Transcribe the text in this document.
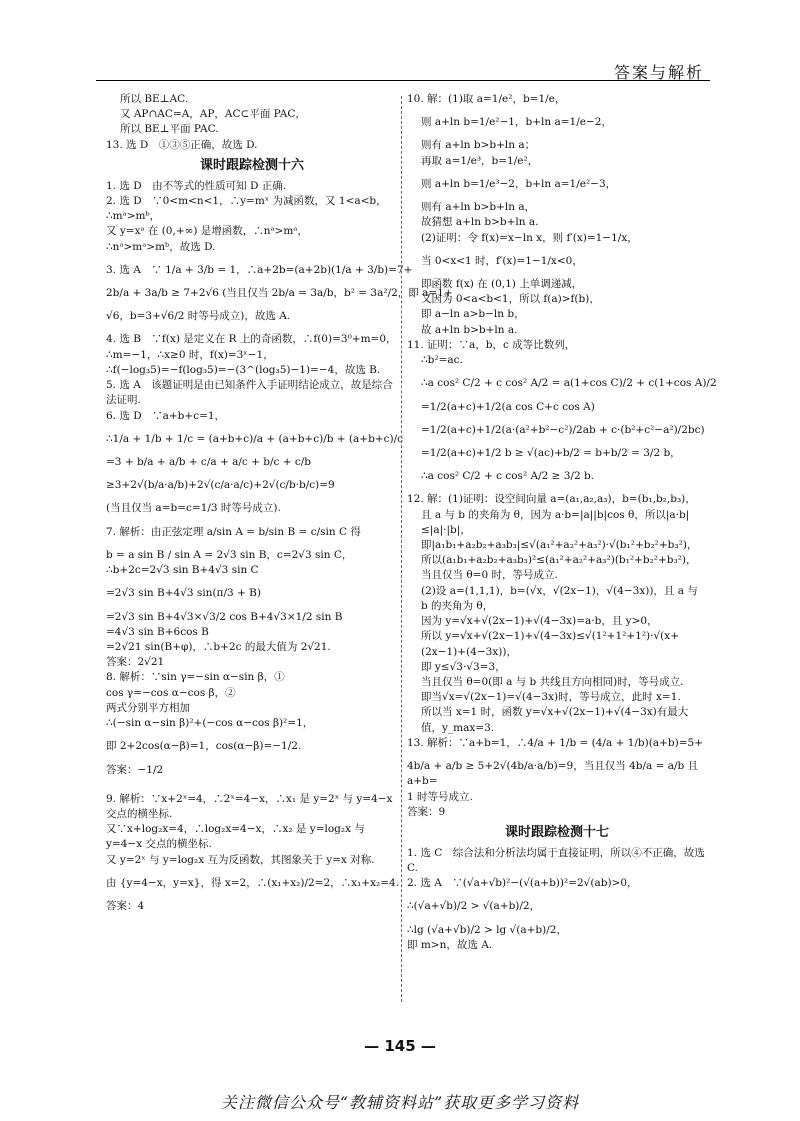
答案与解析
所以 BE⊥AC.
又 AP∩AC=A，AP，AC⊂平面 PAC，
所以 BE⊥平面 PAC.
13. 选 D　①③⑤正确，故选 D.
课时跟踪检测十六
1. 选 D　由不等式的性质可知 D 正确.
2. 选 D　∵0<m<n<1，∴y=mˣ 为减函数，又 1<a<b，
∴mᵃ>mᵇ，
又 y=xᵃ 在 (0,+∞) 是增函数，∴nᵃ>mᵃ，
∴nᵃ>mᵃ>mᵇ，故选 D.
3. 选 A　∵ 1/a + 3/b = 1，∴a+2b=(a+2b)(1/a + 3/b)=7+
2b/a + 3a/b ≥ 7+2√6 (当且仅当 2b/a = 3a/b，b² = 3a²/2，即 a=1+
√6，b=3+√6/2 时等号成立)，故选 A.
4. 选 B　∵f(x) 是定义在 R 上的奇函数，∴f(0)=3⁰+m=0，
∴m=−1，∴x≥0 时，f(x)=3ˣ−1，
∴f(−log₃5)=−f(log₃5)=−(3^(log₃5)−1)=−4，故选 B.
5. 选 A　该题证明是由已知条件入手证明结论成立，故是综合法证明.
6. 选 D　∵a+b+c=1，
∴1/a + 1/b + 1/c = (a+b+c)/a + (a+b+c)/b + (a+b+c)/c
=3 + b/a + a/b + c/a + a/c + b/c + c/b
≥3+2√(b/a·a/b)+2√(c/a·a/c)+2√(c/b·b/c)=9
(当且仅当 a=b=c=1/3 时等号成立).
7. 解析：由正弦定理 a/sin A = b/sin B = c/sin C 得
b = a sin B / sin A = 2√3 sin B，c=2√3 sin C，
∴b+2c=2√3 sin B+4√3 sin C
=2√3 sin B+4√3 sin(π/3 + B)
=2√3 sin B+4√3×√3/2 cos B+4√3×1/2 sin B
=4√3 sin B+6cos B
=2√21 sin(B+φ)，∴b+2c 的最大值为 2√21.
答案：2√21
8. 解析：∵sin γ=−sin α−sin β，①
cos γ=−cos α−cos β，②
两式分别平方相加
∴(−sin α−sin β)²+(−cos α−cos β)²=1，
即 2+2cos(α−β)=1，cos(α−β)=−1/2.
答案：−1/2
9. 解析：∵x+2ˣ=4，∴2ˣ=4−x，∴x₁ 是 y=2ˣ 与 y=4−x 交点的横坐标.
又∵x+log₂x=4，∴log₂x=4−x，∴x₂ 是 y=log₂x 与 y=4−x 交点的横坐标.
又 y=2ˣ 与 y=log₂x 互为反函数，其图象关于 y=x 对称.
由 {y=4−x，y=x}，得 x=2，∴(x₁+x₂)/2=2，∴x₁+x₂=4.
答案：4
10. 解：(1)取 a=1/e²，b=1/e，
则 a+ln b=1/e²−1，b+ln a=1/e−2，
则有 a+ln b>b+ln a；
再取 a=1/e³，b=1/e²，
则 a+ln b=1/e³−2，b+ln a=1/e²−3，
则有 a+ln b>b+ln a，
故猜想 a+ln b>b+ln a.
(2)证明：令 f(x)=x−ln x，则 f′(x)=1−1/x，
当 0<x<1 时，f′(x)=1−1/x<0，
即函数 f(x) 在 (0,1) 上单调递减，
又因为 0<a<b<1，所以 f(a)>f(b)，
即 a−ln a>b−ln b，
故 a+ln b>b+ln a.
11. 证明：∵a，b，c 成等比数列，
∴b²=ac.
∴a cos² C/2 + c cos² A/2 = a(1+cos C)/2 + c(1+cos A)/2
=1/2(a+c)+1/2(a cos C+c cos A)
=1/2(a+c)+1/2(a·(a²+b²−c²)/2ab + c·(b²+c²−a²)/2bc)
=1/2(a+c)+1/2 b ≥ √(ac)+b/2 = b+b/2 = 3/2 b，
∴a cos² C/2 + c cos² A/2 ≥ 3/2 b.
12. 解：(1)证明：设空间向量 a=(a₁,a₂,a₃)，b=(b₁,b₂,b₃)，
且 a 与 b 的夹角为 θ，因为 a·b=|a||b|cos θ，所以|a·b|≤|a|·|b|，
即|a₁b₁+a₂b₂+a₃b₃|≤√(a₁²+a₂²+a₃²)·√(b₁²+b₂²+b₃²)，
所以(a₁b₁+a₂b₂+a₃b₃)²≤(a₁²+a₂²+a₃²)(b₁²+b₂²+b₃²)，
当且仅当 θ=0 时，等号成立.
(2)设 a=(1,1,1)，b=(√x，√(2x−1)，√(4−3x))，且 a 与 b 的夹角为 θ，
因为 y=√x+√(2x−1)+√(4−3x)=a·b，且 y>0，
所以 y=√x+√(2x−1)+√(4−3x)≤√(1²+1²+1²)·√(x+(2x−1)+(4−3x))，
即 y≤√3·√3=3，
当且仅当 θ=0(即 a 与 b 共线且方向相同)时，等号成立.
即当√x=√(2x−1)=√(4−3x)时，等号成立，此时 x=1.
所以当 x=1 时，函数 y=√x+√(2x−1)+√(4−3x)有最大值，y_max=3.
13. 解析：∵a+b=1，∴4/a + 1/b = (4/a + 1/b)(a+b)=5+
4b/a + a/b ≥ 5+2√(4b/a·a/b)=9，当且仅当 4b/a = a/b 且 a+b=
1 时等号成立.
答案：9
课时跟踪检测十七
1. 选 C　综合法和分析法均属于直接证明，所以④不正确，故选 C.
2. 选 A　∵(√a+√b)²−(√(a+b))²=2√(ab)>0，
∴(√a+√b)/2 > √(a+b)/2，
∴lg (√a+√b)/2 > lg √(a+b)/2，
即 m>n，故选 A.
— 145 —
关注微信公众号“教辅资料站”获取更多学习资料
